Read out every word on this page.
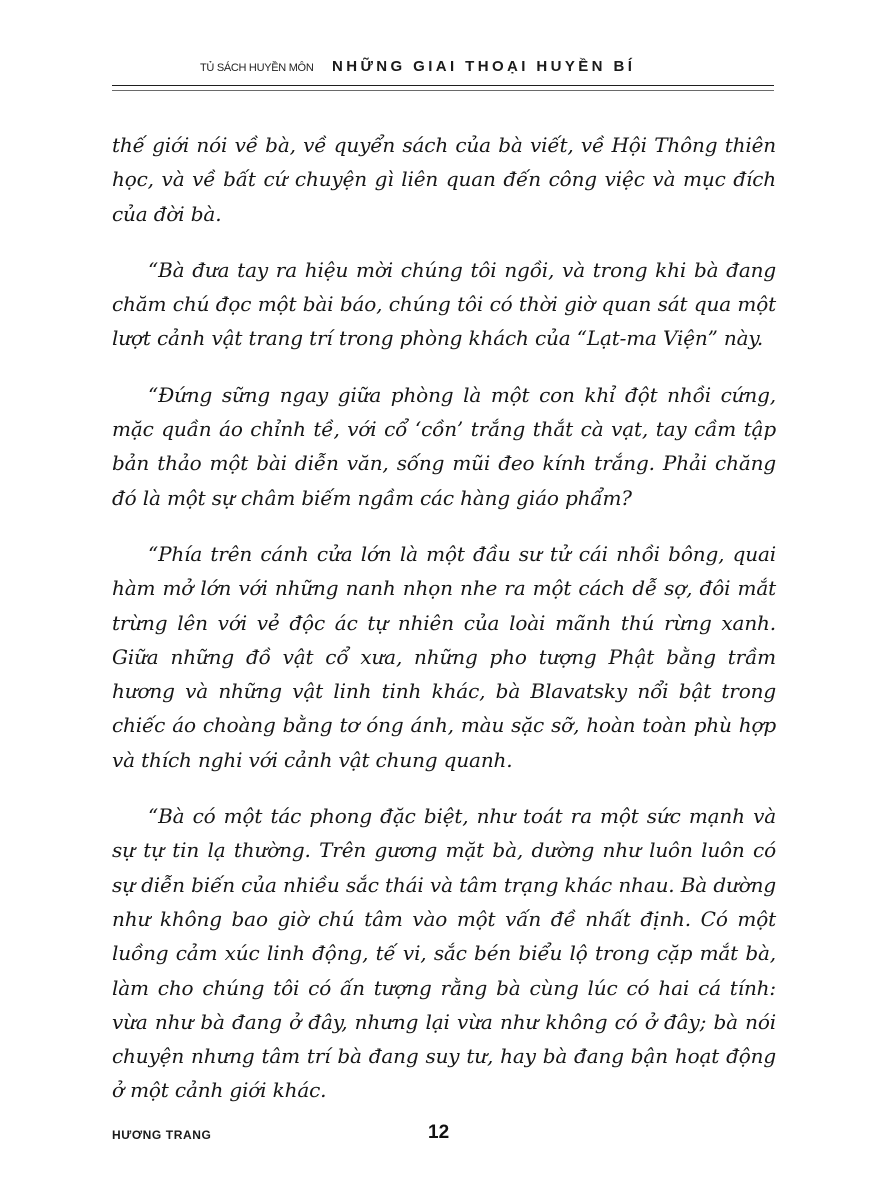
TỦ SÁCH HUYỀN MÔN NHỮNG GIAI THOẠI HUYỀN BÍ

thế giới nói về bà, về quyển sách của bà viết, về Hội Thông thiên học, và về bất cứ chuyện gì liên quan đến công việc và mục đích của đời bà.

“Bà đưa tay ra hiệu mời chúng tôi ngồi, và trong khi bà đang chăm chú đọc một bài báo, chúng tôi có thời giờ quan sát qua một lượt cảnh vật trang trí trong phòng khách của “Lạt-ma Viện” này.

“Đứng sững ngay giữa phòng là một con khỉ đột nhồi cứng, mặc quần áo chỉnh tề, với cổ ‘cồn’ trắng thắt cà vạt, tay cầm tập bản thảo một bài diễn văn, sống mũi đeo kính trắng. Phải chăng đó là một sự châm biếm ngầm các hàng giáo phẩm?

“Phía trên cánh cửa lớn là một đầu sư tử cái nhồi bông, quai hàm mở lớn với những nanh nhọn nhe ra một cách dễ sợ, đôi mắt trừng lên với vẻ độc ác tự nhiên của loài mãnh thú rừng xanh. Giữa những đồ vật cổ xưa, những pho tượng Phật bằng trầm hương và những vật linh tinh khác, bà Blavatsky nổi bật trong chiếc áo choàng bằng tơ óng ánh, màu sặc sỡ, hoàn toàn phù hợp và thích nghi với cảnh vật chung quanh.

“Bà có một tác phong đặc biệt, như toát ra một sức mạnh và sự tự tin lạ thường. Trên gương mặt bà, dường như luôn luôn có sự diễn biến của nhiều sắc thái và tâm trạng khác nhau. Bà dường như không bao giờ chú tâm vào một vấn đề nhất định. Có một luồng cảm xúc linh động, tế vi, sắc bén biểu lộ trong cặp mắt bà, làm cho chúng tôi có ấn tượng rằng bà cùng lúc có hai cá tính: vừa như bà đang ở đây, nhưng lại vừa như không có ở đây; bà nói chuyện nhưng tâm trí bà đang suy tư, hay bà đang bận hoạt động ở một cảnh giới khác.

HƯƠNG TRANG	12
